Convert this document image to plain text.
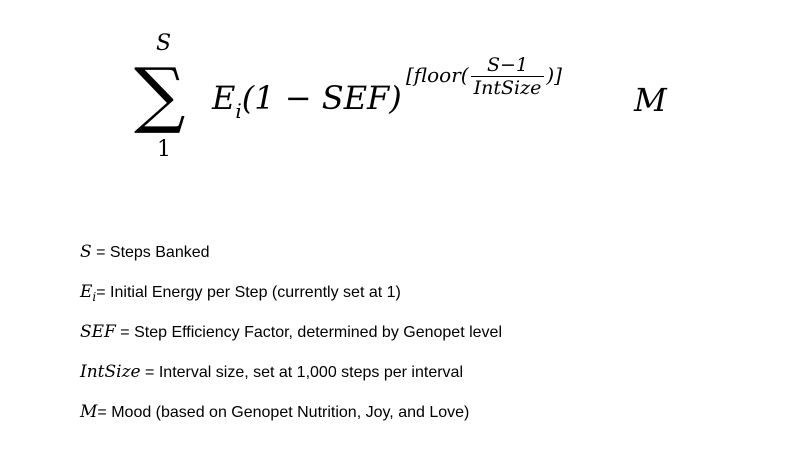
∑
S
1
$E_i(1 - SEF)$
[floor( $\frac{S-1}{\text{IntSize}}$ )]
M
S = Steps Banked
$E_i=$ Initial Energy per Step (currently set at 1)
SEF = Step Efficiency Factor, determined by Genopet level
IntSize = Interval size, set at 1,000 steps per interval
M= Mood (based on Genopet Nutrition, Joy, and Love)
